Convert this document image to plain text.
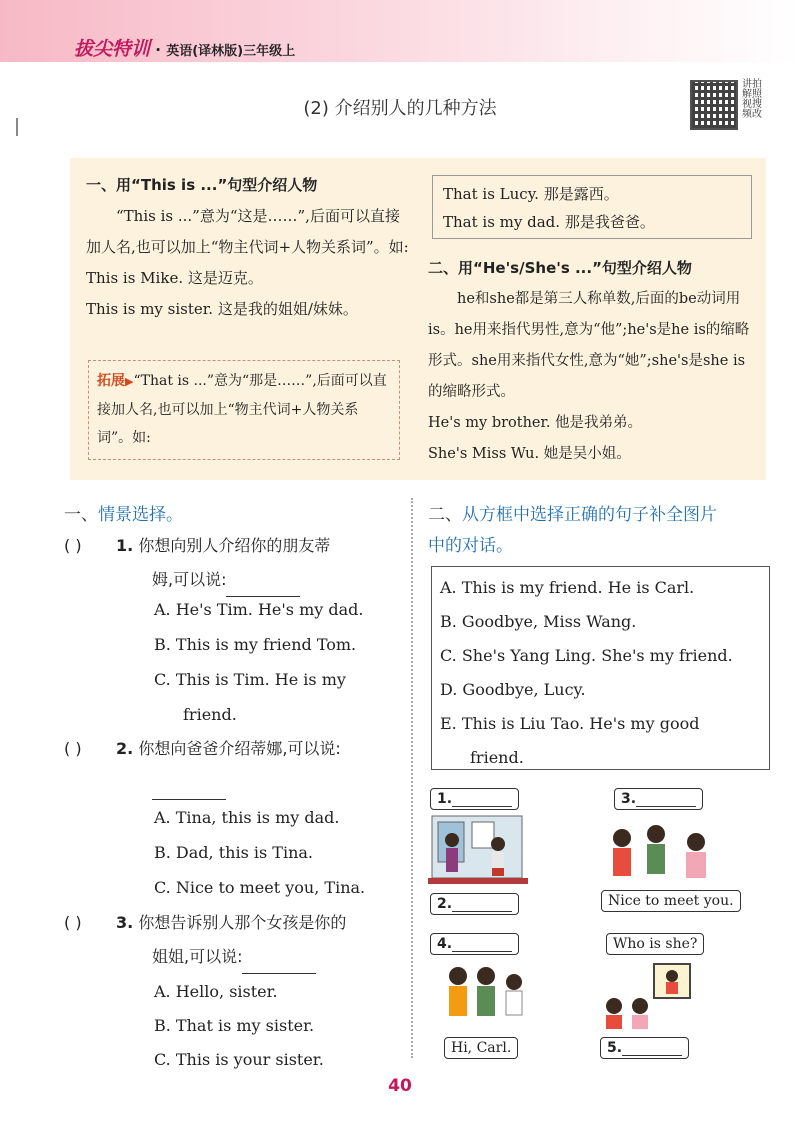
拔尖特训 · 英语(译林版)三年级上
(2) 介绍别人的几种方法
讲拍解照视搜频改
一、用“This is ...”句型介绍人物
“This is ...”意为“这是……”,后面可以直接加人名,也可以加上“物主代词+人物关系词”。如:
This is Mike. 这是迈克。
This is my sister. 这是我的姐姐/妹妹。
拓展▶“That is ...”意为“那是……”,后面可以直接加人名,也可以加上“物主代词+人物关系词”。如:
That is Lucy. 那是露西。
That is my dad. 那是我爸爸。
二、用“He's/She's ...”句型介绍人物
he和she都是第三人称单数,后面的be动词用is。he用来指代男性,意为“他”;he's是he is的缩略形式。she用来指代女性,意为“她”;she's是she is的缩略形式。
He's my brother. 他是我弟弟。
She's Miss Wu. 她是吴小姐。
一、情景选择。
( )	1. 你想向别人介绍你的朋友蒂
姆,可以说:
A. He's Tim. He's my dad.
B. This is my friend Tom.
C. This is Tim. He is my
friend.
( )	2. 你想向爸爸介绍蒂娜,可以说:
A. Tina, this is my dad.
B. Dad, this is Tina.
C. Nice to meet you, Tina.
( )	3. 你想告诉别人那个女孩是你的
姐姐,可以说:
A. Hello, sister.
B. That is my sister.
C. This is your sister.
二、从方框中选择正确的句子补全图片
中的对话。
A. This is my friend. He is Carl.
B. Goodbye, Miss Wang.
C. She's Yang Ling. She's my friend.
D. Goodbye, Lucy.
E. This is Liu Tao. He's my good
friend.
1.
2.
3.
Nice to meet you.
4.
Hi, Carl.
Who is she?
5.
40
